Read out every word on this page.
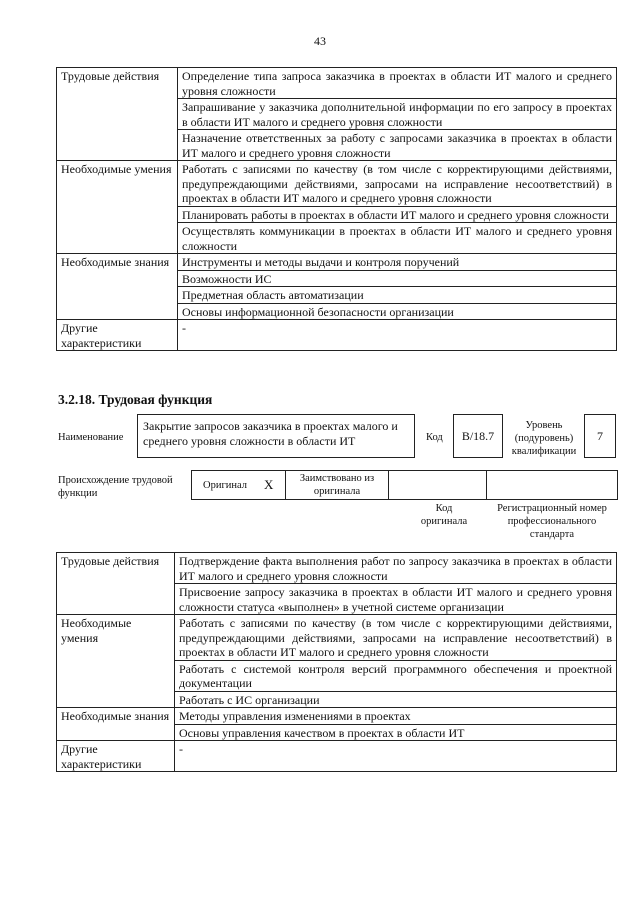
43
Трудовые действия	Определение типа запроса заказчика в проектах в области ИТ малого и среднего уровня сложности
	Запрашивание у заказчика дополнительной информации по его запросу в проектах в области ИТ малого и среднего уровня сложности
	Назначение ответственных за работу с запросами заказчика в проектах в области ИТ малого и среднего уровня сложности
Необходимые умения	Работать с записями по качеству (в том числе с корректирующими действиями, предупреждающими действиями, запросами на исправление несоответствий) в проектах в области ИТ малого и среднего уровня сложности
	Планировать работы в проектах в области ИТ малого и среднего уровня сложности
	Осуществлять коммуникации в проектах в области ИТ малого и среднего уровня сложности
Необходимые знания	Инструменты и методы выдачи и контроля поручений
	Возможности ИС
	Предметная область автоматизации
	Основы информационной безопасности организации
Другие характеристики	-
3.2.18. Трудовая функция
Наименование
Закрытие запросов заказчика в проектах малого и среднего уровня сложности в области ИТ	Код	B/18.7
Уровень (подуровень) квалификации
7
Происхождение трудовой функции
Оригинал X	Заимствовано из оригинала
Код оригинала
Регистрационный номер профессионального стандарта
Трудовые действия	Подтверждение факта выполнения работ по запросу заказчика в проектах в области ИТ малого и среднего уровня сложности
	Присвоение запросу заказчика в проектах в области ИТ малого и среднего уровня сложности статуса «выполнен» в учетной системе организации
Необходимые умения	Работать с записями по качеству (в том числе с корректирующими действиями, предупреждающими действиями, запросами на исправление несоответствий) в проектах в области ИТ малого и среднего уровня сложности
	Работать с системой контроля версий программного обеспечения и проектной документации
	Работать с ИС организации
Необходимые знания	Методы управления изменениями в проектах
	Основы управления качеством в проектах в области ИТ
Другие характеристики	-
